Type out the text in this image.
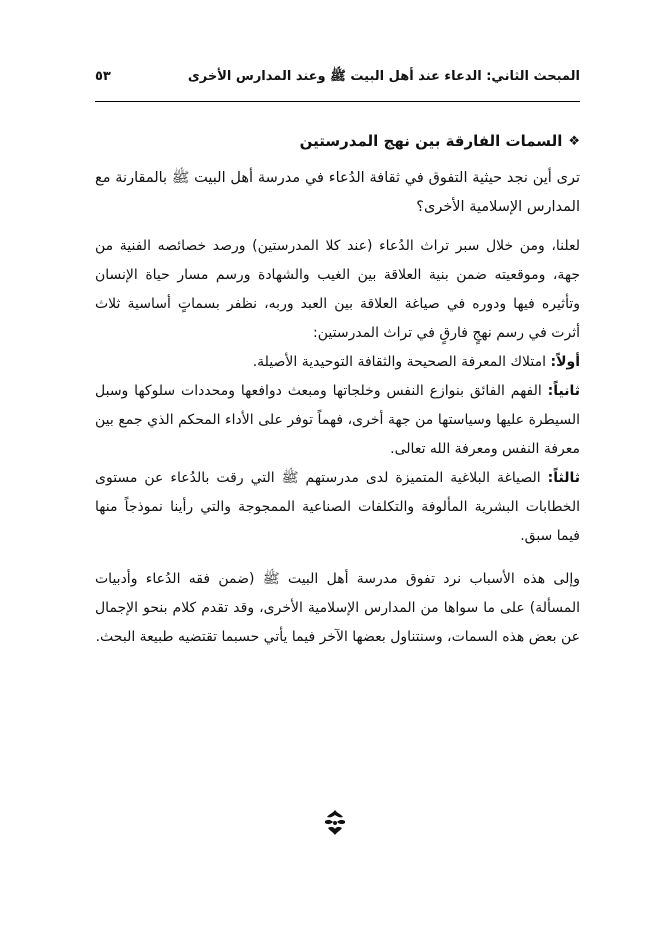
المبحث الثاني: الدعاء عند أهل البيت ﷺ وعند المدارس الأخرى
٥٣
❖
السمات الفارقة بين نهج المدرستين

ترى أين نجد حيثية التفوق في ثقافة الدُعاء في مدرسة أهل البيت ﷺ بالمقارنة مع المدارس الإسلامية الأخرى؟

لعلنا، ومن خلال سبر تراث الدُعاء (عند كلا المدرستين) ورصد خصائصه الفنية من جهة، وموقعيته ضمن بنية العلاقة بين الغيب والشهادة ورسم مسار حياة الإنسان وتأثيره فيها ودوره في صياغة العلاقة بين العبد وربه، نظفر بسماتٍ أساسية ثلاث أثرت في رسم نهجٍ فارقٍ في تراث المدرستين:

أولاً: امتلاك المعرفة الصحيحة والثقافة التوحيدية الأصيلة.

ثانياً: الفهم الفائق بنوازع النفس وخلجاتها ومبعث دوافعها ومحددات سلوكها وسبل السيطرة عليها وسياستها من جهة أخرى، فهماً توفر على الأداء المحكم الذي جمع بين معرفة النفس ومعرفة الله تعالى.

ثالثاً: الصياغة البلاغية المتميزة لدى مدرستهم ﷺ التي رقت بالدُعاء عن مستوى الخطابات البشرية المألوفة والتكلفات الصناعية الممجوجة والتي رأينا نموذجاً منها فيما سبق.

وإلى هذه الأسباب نرد تفوق مدرسة أهل البيت ﷺ (ضمن فقه الدُعاء وأدبيات المسألة) على ما سواها من المدارس الإسلامية الأخرى، وقد تقدم كلام بنحو الإجمال عن بعض هذه السمات، وسنتناول بعضها الآخر فيما يأتي حسبما تقتضيه طبيعة البحث.
